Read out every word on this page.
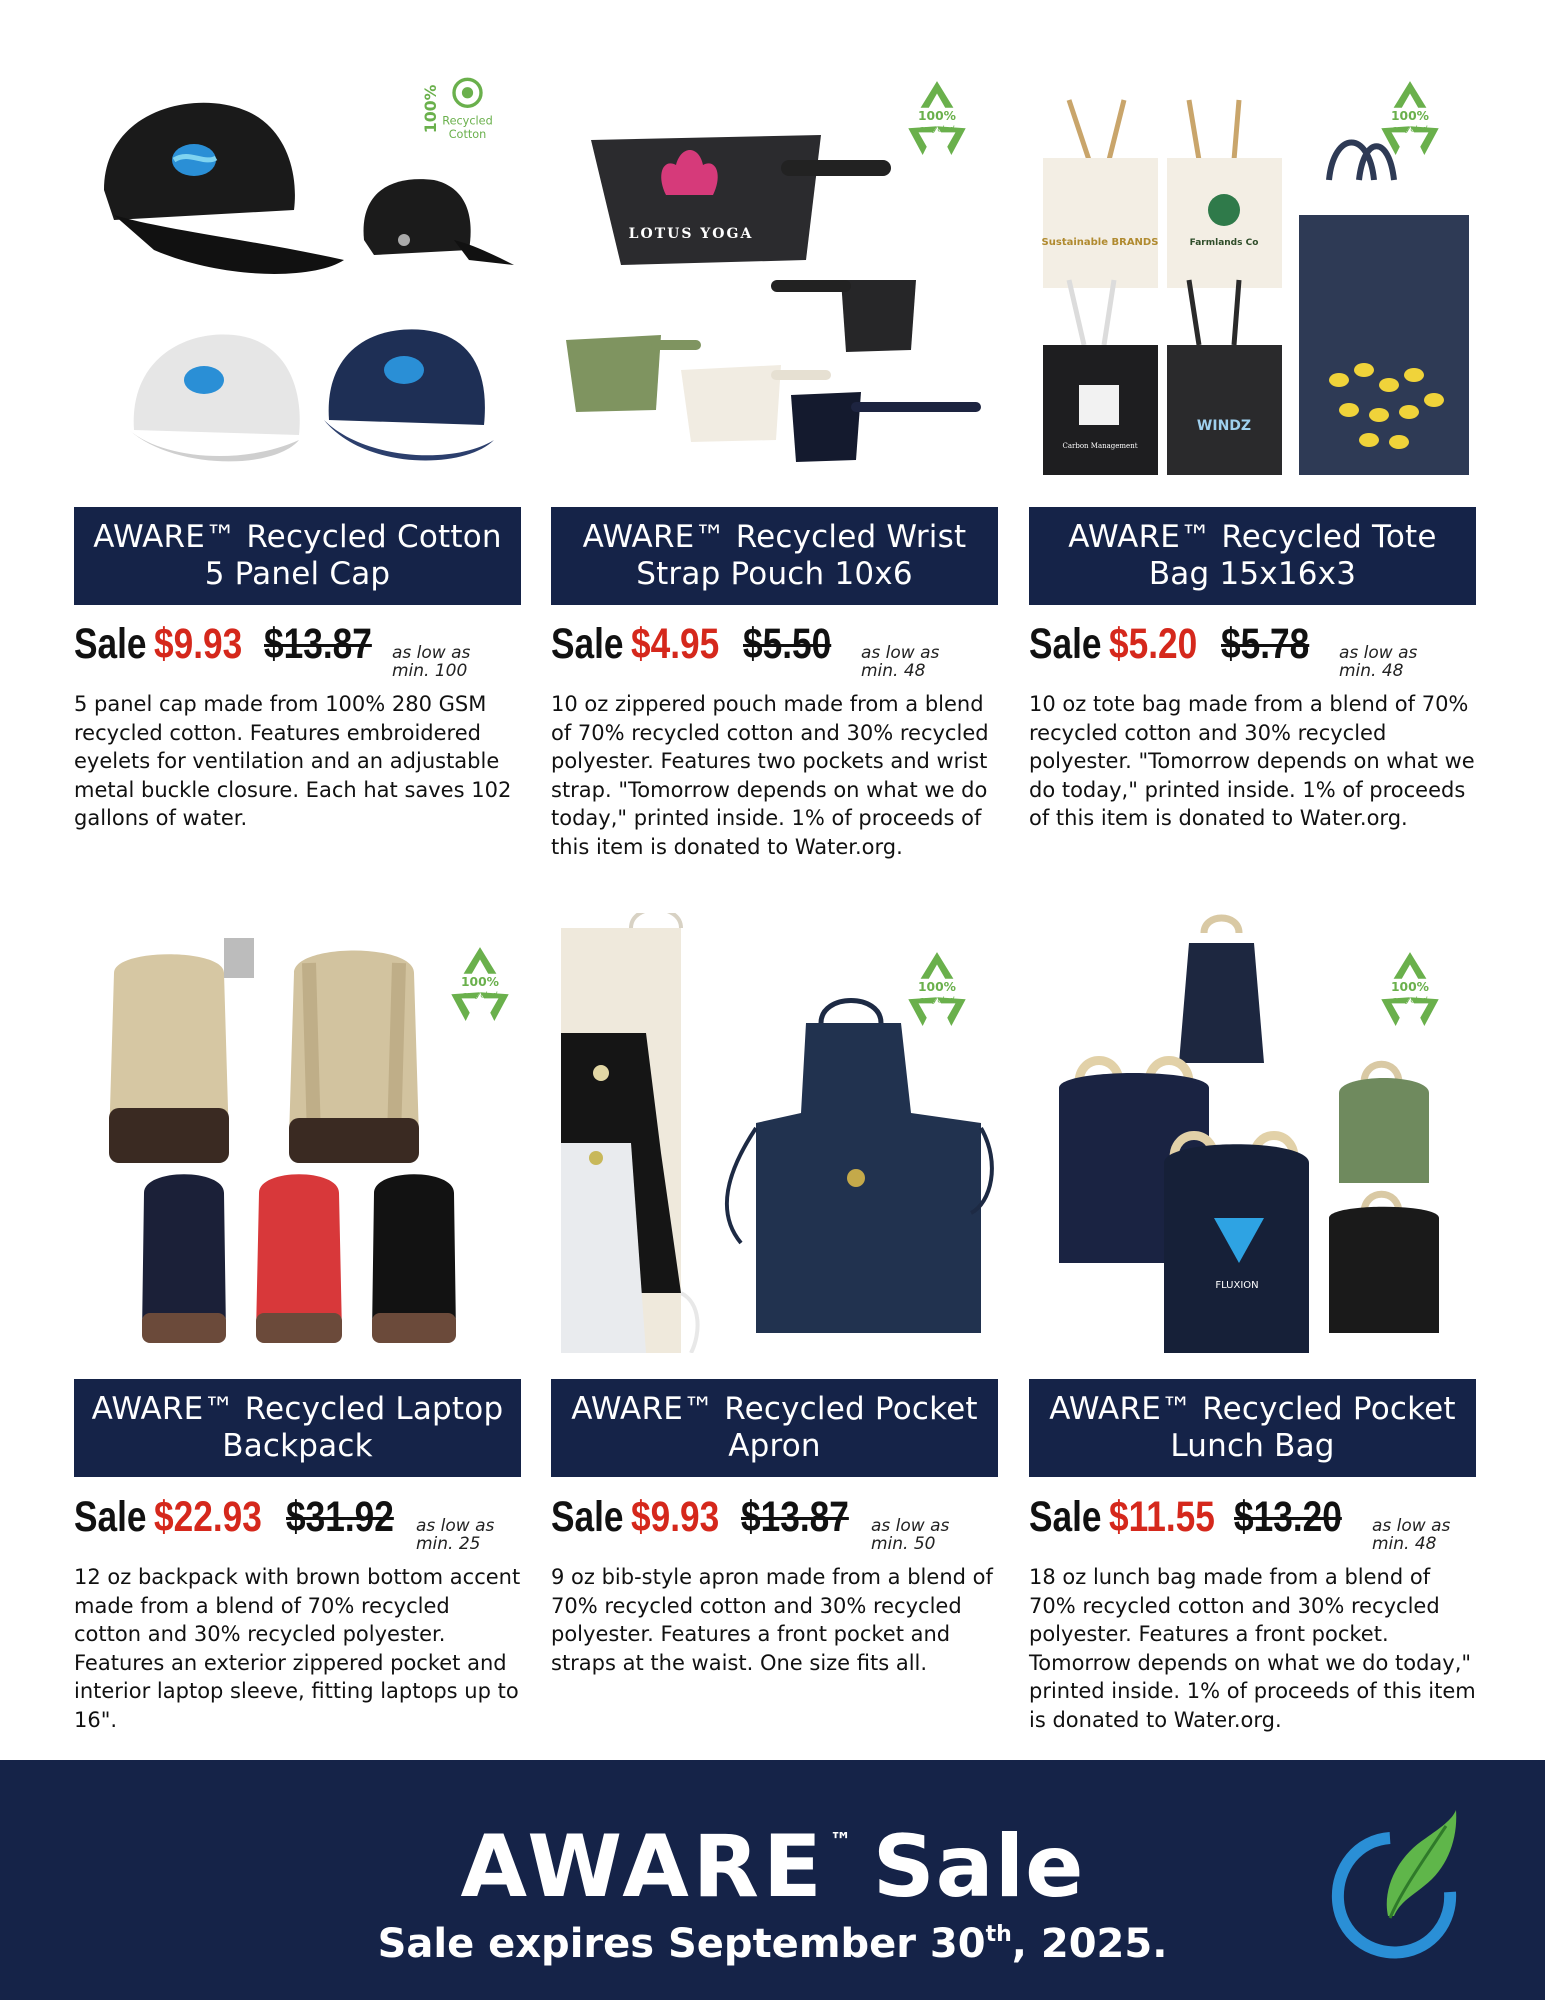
100% Recycled
Cotton
AWARE™ Recycled Cotton 5 Panel Cap
Sale $9.93 $13.87 as low as
min. 100
5 panel cap made from 100% 280 GSM recycled cotton. Features embroidered eyelets for ventilation and an adjustable metal buckle closure. Each hat saves 102 gallons of water.
LOTUS YOGA
100%
recycled
AWARE™ Recycled Wrist Strap Pouch 10x6
Sale $4.95 $5.50	as low as
min. 48
10 oz zippered pouch made from a blend of 70% recycled cotton and 30% recycled polyester. Features two pockets and wrist strap. "Tomorrow depends on what we do today," printed inside. 1% of proceeds of this item is donated to Water.org.
Sustainable BRANDS	Farmlands Co
Carbon Management
WINDZ
100%
recycled
AWARE™ Recycled Tote Bag 15x16x3
Sale $5.20 $5.78	as low as
min. 48
10 oz tote bag made from a blend of 70% recycled cotton and 30% recycled polyester. "Tomorrow depends on what we do today," printed inside. 1% of proceeds of this item is donated to Water.org.
100%
recycled
AWARE™ Recycled Laptop Backpack
Sale $22.93 $31.92 as low as
min. 25
12 oz backpack with brown bottom accent made from a blend of 70% recycled cotton and 30% recycled polyester. Features an exterior zippered pocket and interior laptop sleeve, fitting laptops up to 16".
100%
recycled
AWARE™ Recycled Pocket Apron
Sale $9.93 $13.87 as low as
min. 50
9 oz bib-style apron made from a blend of 70% recycled cotton and 30% recycled polyester. Features a front pocket and straps at the waist. One size fits all.
FLUXION
100%
recycled
AWARE™ Recycled Pocket Lunch Bag
Sale $11.55 $13.20	as low as
min. 48
18 oz lunch bag made from a blend of 70% recycled cotton and 30% recycled polyester. Features a front pocket. Tomorrow depends on what we do today," printed inside. 1% of proceeds of this item is donated to Water.org.
AWARE ™ Sale
Sale expires September 30th, 2025.
